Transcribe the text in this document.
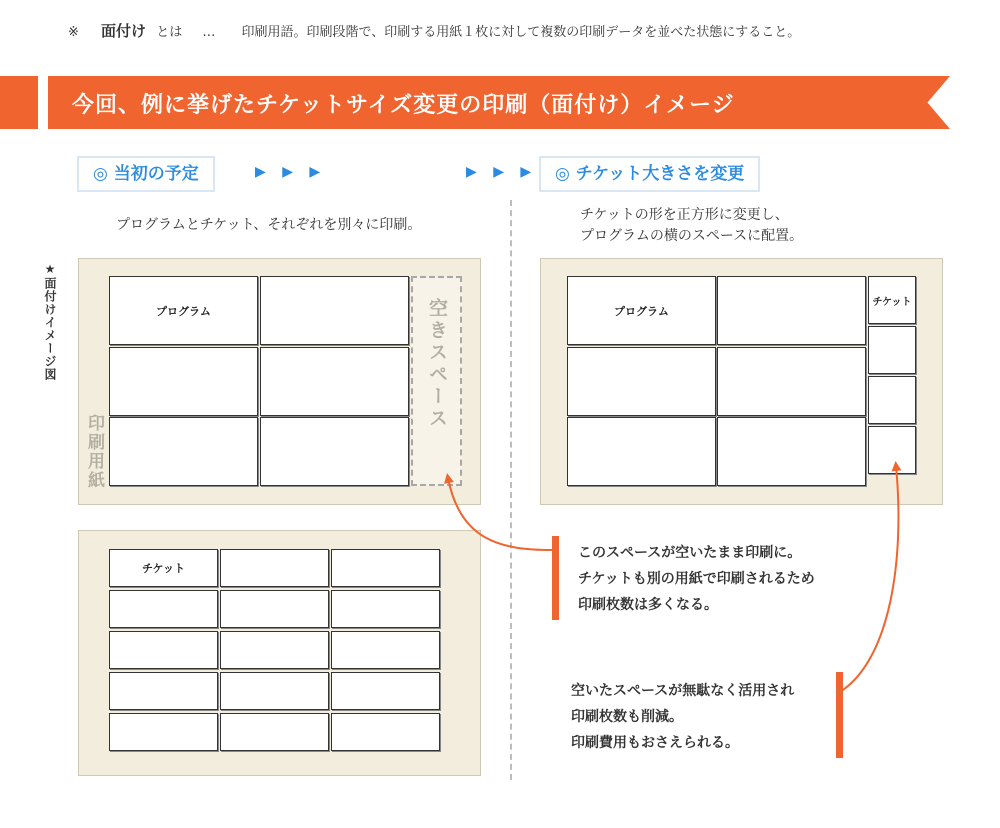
※ 面付け とは … 印刷用語。印刷段階で、印刷する用紙１枚に対して複数の印刷データを並べた状態にすること。
今回、例に挙げたチケットサイズ変更の印刷（面付け）イメージ
◎ 当初の予定	▶ ▶ ▶	▶ ▶ ▶	◎ チケット大きさを変更
プログラムとチケット、それぞれを別々に印刷。
チケットの形を正方形に変更し、
プログラムの横のスペースに配置。
★面付けイメージ図	プログラム	空きスペース
印刷用紙
チケット
プログラム
チケット
このスペースが空いたまま印刷に。
チケットも別の用紙で印刷されるため
印刷枚数は多くなる。
空いたスペースが無駄なく活用され
印刷枚数も削減。
印刷費用もおさえられる。
